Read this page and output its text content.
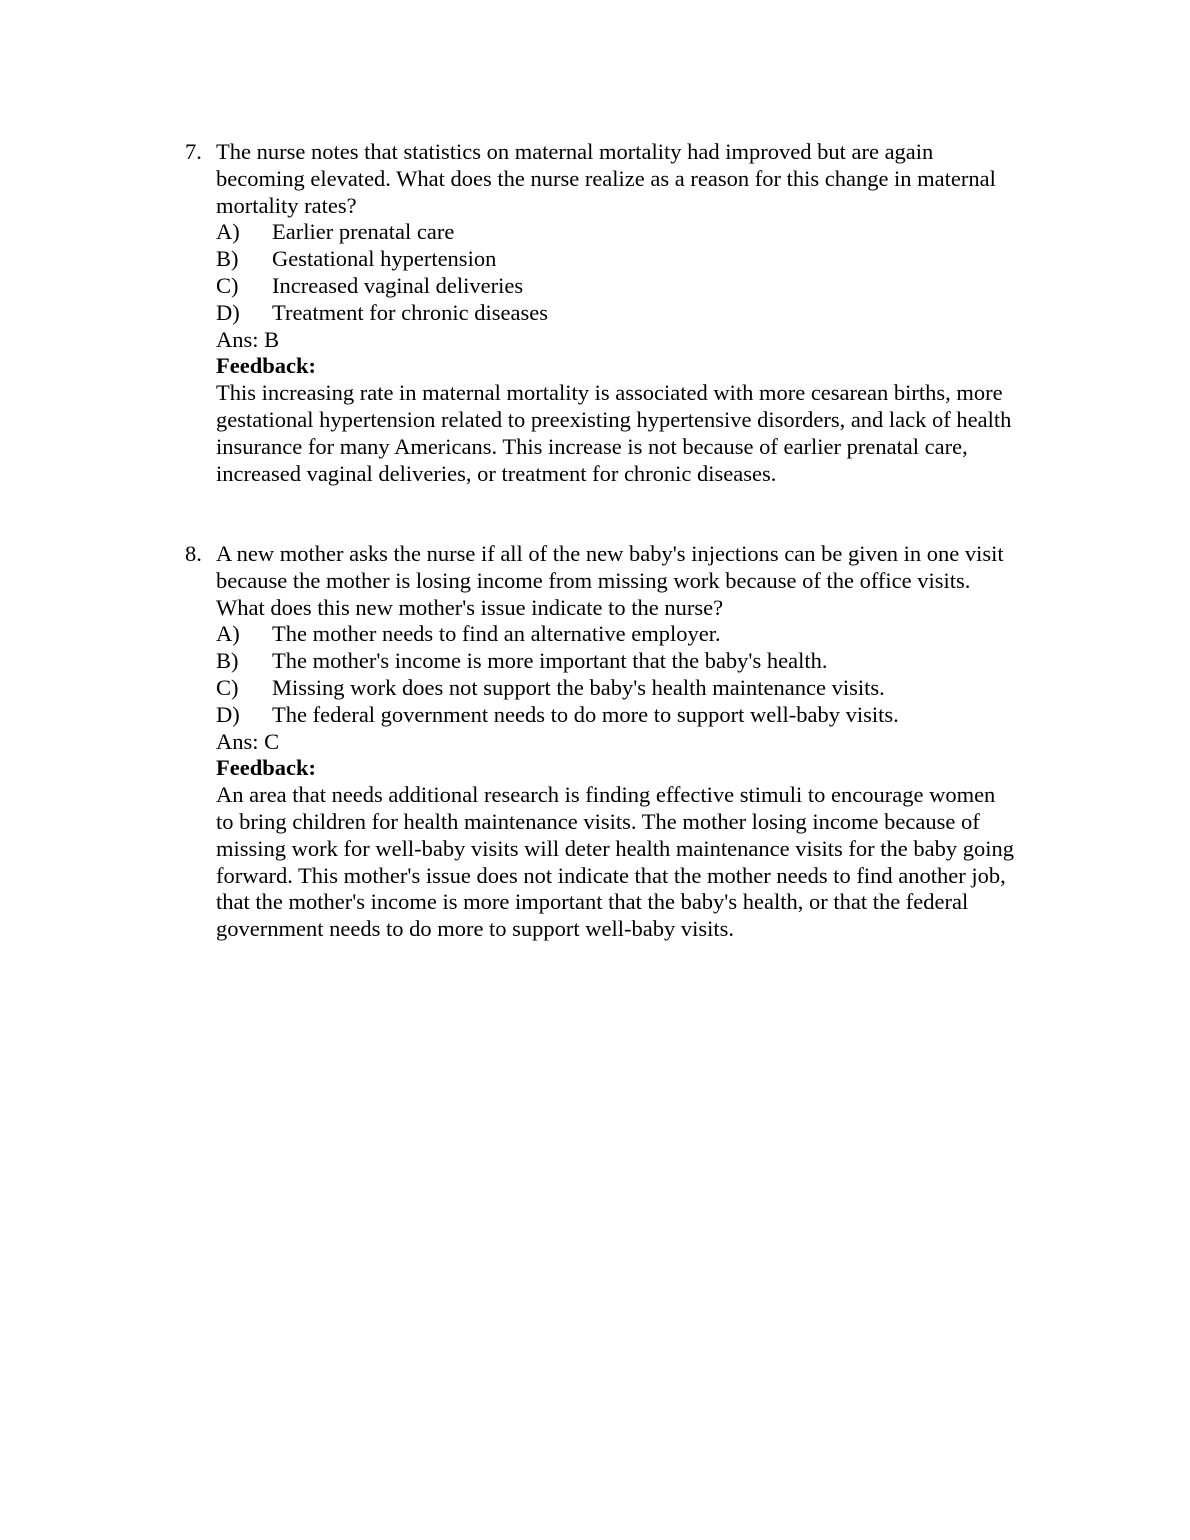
7. The nurse notes that statistics on maternal mortality had improved but are again
becoming elevated. What does the nurse realize as a reason for this change in maternal
mortality rates?
A)	Earlier prenatal care
B)	Gestational hypertension
C)	Increased vaginal deliveries
D)	Treatment for chronic diseases
Ans: B
Feedback:
This increasing rate in maternal mortality is associated with more cesarean births, more
gestational hypertension related to preexisting hypertensive disorders, and lack of health
insurance for many Americans. This increase is not because of earlier prenatal care,
increased vaginal deliveries, or treatment for chronic diseases.
8. A new mother asks the nurse if all of the new baby's injections can be given in one visit
because the mother is losing income from missing work because of the office visits.
What does this new mother's issue indicate to the nurse?
A)	The mother needs to find an alternative employer.
B)	The mother's income is more important that the baby's health.
C)	Missing work does not support the baby's health maintenance visits.
D)	The federal government needs to do more to support well-baby visits.
Ans: C
Feedback:
An area that needs additional research is finding effective stimuli to encourage women
to bring children for health maintenance visits. The mother losing income because of
missing work for well-baby visits will deter health maintenance visits for the baby going
forward. This mother's issue does not indicate that the mother needs to find another job,
that the mother's income is more important that the baby's health, or that the federal
government needs to do more to support well-baby visits.
